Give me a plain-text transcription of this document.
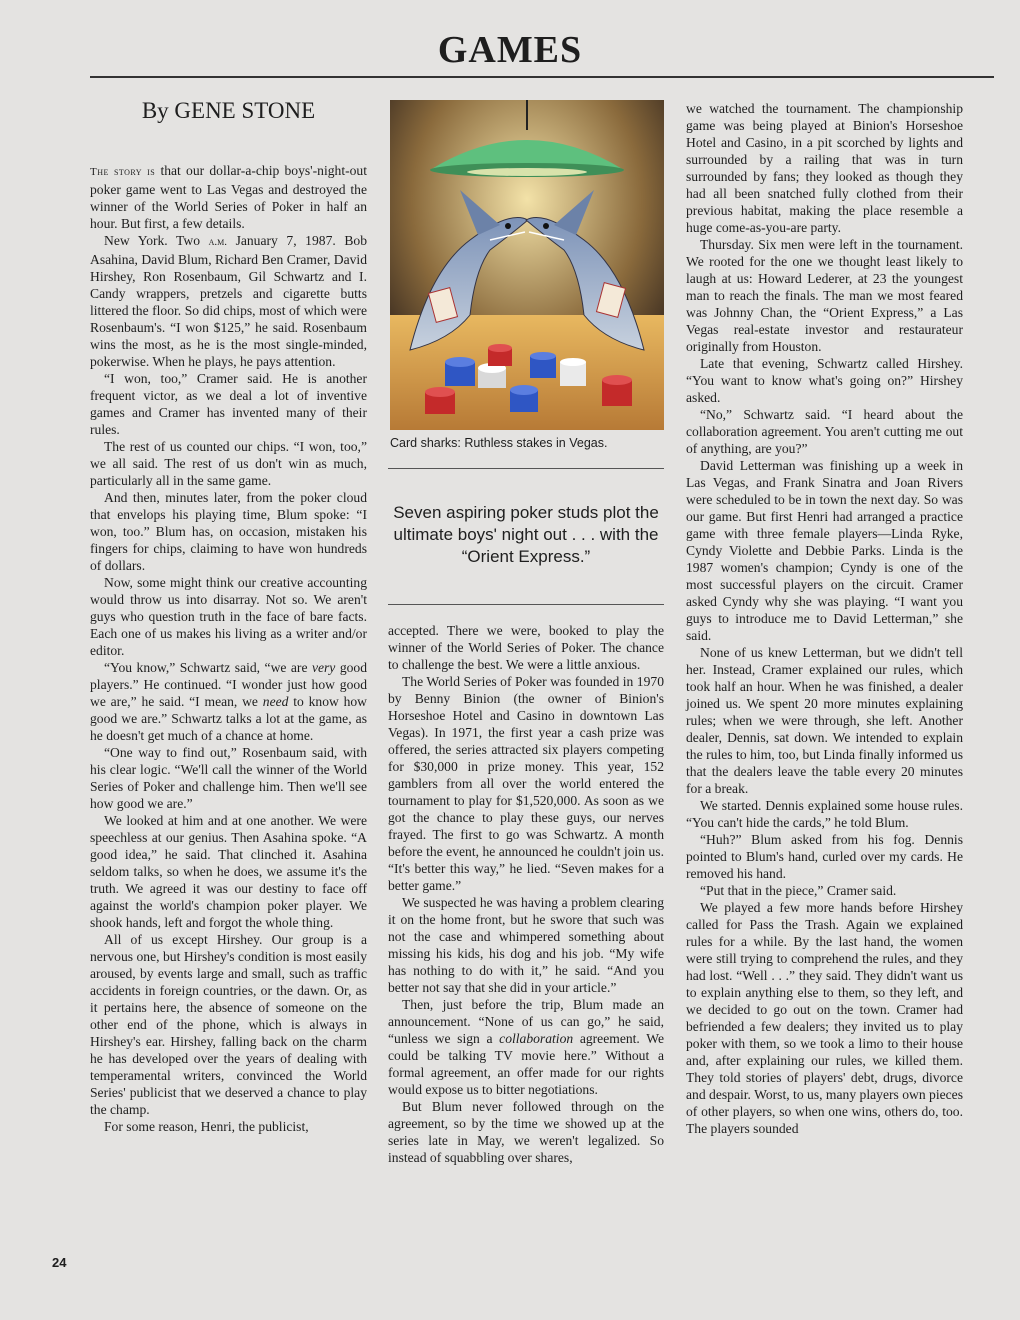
GAMES
By GENE STONE

The story is that our dollar-a-chip boys'-night-out poker game went to Las Vegas and destroyed the winner of the World Series of Poker in half an hour. But first, a few details.

New York. Two a.m. January 7, 1987. Bob Asahina, David Blum, Richard Ben Cramer, David Hirshey, Ron Rosenbaum, Gil Schwartz and I. Candy wrappers, pretzels and cigarette butts littered the floor. So did chips, most of which were Rosenbaum's. “I won $125,” he said. Rosenbaum wins the most, as he is the most single-minded, pokerwise. When he plays, he pays attention.

“I won, too,” Cramer said. He is another frequent victor, as we deal a lot of inventive games and Cramer has invented many of their rules.

The rest of us counted our chips. “I won, too,” we all said. The rest of us don't win as much, particularly all in the same game.

And then, minutes later, from the poker cloud that envelops his playing time, Blum spoke: “I won, too.” Blum has, on occasion, mistaken his fingers for chips, claiming to have won hundreds of dollars.

Now, some might think our creative accounting would throw us into disarray. Not so. We aren't guys who question truth in the face of bare facts. Each one of us makes his living as a writer and/or editor.

“You know,” Schwartz said, “we are very good players.” He continued. “I wonder just how good we are,” he said. “I mean, we need to know how good we are.” Schwartz talks a lot at the game, as he doesn't get much of a chance at home.

“One way to find out,” Rosenbaum said, with his clear logic. “We'll call the winner of the World Series of Poker and challenge him. Then we'll see how good we are.”

We looked at him and at one another. We were speechless at our genius. Then Asahina spoke. “A good idea,” he said. That clinched it. Asahina seldom talks, so when he does, we assume it's the truth. We agreed it was our destiny to face off against the world's champion poker player. We shook hands, left and forgot the whole thing.

All of us except Hirshey. Our group is a nervous one, but Hirshey's condition is most easily aroused, by events large and small, such as traffic accidents in foreign countries, or the dawn. Or, as it pertains here, the absence of someone on the other end of the phone, which is always in Hirshey's ear. Hirshey, falling back on the charm he has developed over the years of dealing with temperamental writers, convinced the World Series' publicist that we deserved a chance to play the champ.

For some reason, Henri, the publicist,

Card sharks: Ruthless stakes in Vegas.
Seven aspiring poker studs plot the ultimate boys' night out . . . with the “Orient Express.”

accepted. There we were, booked to play the winner of the World Series of Poker. The chance to challenge the best. We were a little anxious.

The World Series of Poker was founded in 1970 by Benny Binion (the owner of Binion's Horseshoe Hotel and Casino in downtown Las Vegas). In 1971, the first year a cash prize was offered, the series attracted six players competing for $30,000 in prize money. This year, 152 gamblers from all over the world entered the tournament to play for $1,520,000. As soon as we got the chance to play these guys, our nerves frayed. The first to go was Schwartz. A month before the event, he announced he couldn't join us. “It's better this way,” he lied. “Seven makes for a better game.”

We suspected he was having a problem clearing it on the home front, but he swore that such was not the case and whimpered something about missing his kids, his dog and his job. “My wife has nothing to do with it,” he said. “And you better not say that she did in your article.”

Then, just before the trip, Blum made an announcement. “None of us can go,” he said, “unless we sign a collaboration agreement. We could be talking TV movie here.” Without a formal agreement, an offer made for our rights would expose us to bitter negotiations.

But Blum never followed through on the agreement, so by the time we showed up at the series late in May, we weren't legalized. So instead of squabbling over shares,

we watched the tournament. The championship game was being played at Binion's Horseshoe Hotel and Casino, in a pit scorched by lights and surrounded by a railing that was in turn surrounded by fans; they looked as though they had all been snatched fully clothed from their previous habitat, making the place resemble a huge come-as-you-are party.

Thursday. Six men were left in the tournament. We rooted for the one we thought least likely to laugh at us: Howard Lederer, at 23 the youngest man to reach the finals. The man we most feared was Johnny Chan, the “Orient Express,” a Las Vegas real-estate investor and restaurateur originally from Houston.

Late that evening, Schwartz called Hirshey. “You want to know what's going on?” Hirshey asked.

“No,” Schwartz said. “I heard about the collaboration agreement. You aren't cutting me out of anything, are you?”

David Letterman was finishing up a week in Las Vegas, and Frank Sinatra and Joan Rivers were scheduled to be in town the next day. So was our game. But first Henri had arranged a practice game with three female players—Linda Ryke, Cyndy Violette and Debbie Parks. Linda is the 1987 women's champion; Cyndy is one of the most successful players on the circuit. Cramer asked Cyndy why she was playing. “I want you guys to introduce me to David Letterman,” she said.

None of us knew Letterman, but we didn't tell her. Instead, Cramer explained our rules, which took half an hour. When he was finished, a dealer joined us. We spent 20 more minutes explaining rules; when we were through, she left. Another dealer, Dennis, sat down. We intended to explain the rules to him, too, but Linda finally informed us that the dealers leave the table every 20 minutes for a break.

We started. Dennis explained some house rules. “You can't hide the cards,” he told Blum.

“Huh?” Blum asked from his fog. Dennis pointed to Blum's hand, curled over my cards. He removed his hand.

“Put that in the piece,” Cramer said.

We played a few more hands before Hirshey called for Pass the Trash. Again we explained rules for a while. By the last hand, the women were still trying to comprehend the rules, and they had lost. “Well . . .” they said. They didn't want us to explain anything else to them, so they left, and we decided to go out on the town. Cramer had befriended a few dealers; they invited us to play poker with them, so we took a limo to their house and, after explaining our rules, we killed them. They told stories of players' debt, drugs, divorce and despair. Worst, to us, many players own pieces of other players, so when one wins, others do, too. The players sounded

24
